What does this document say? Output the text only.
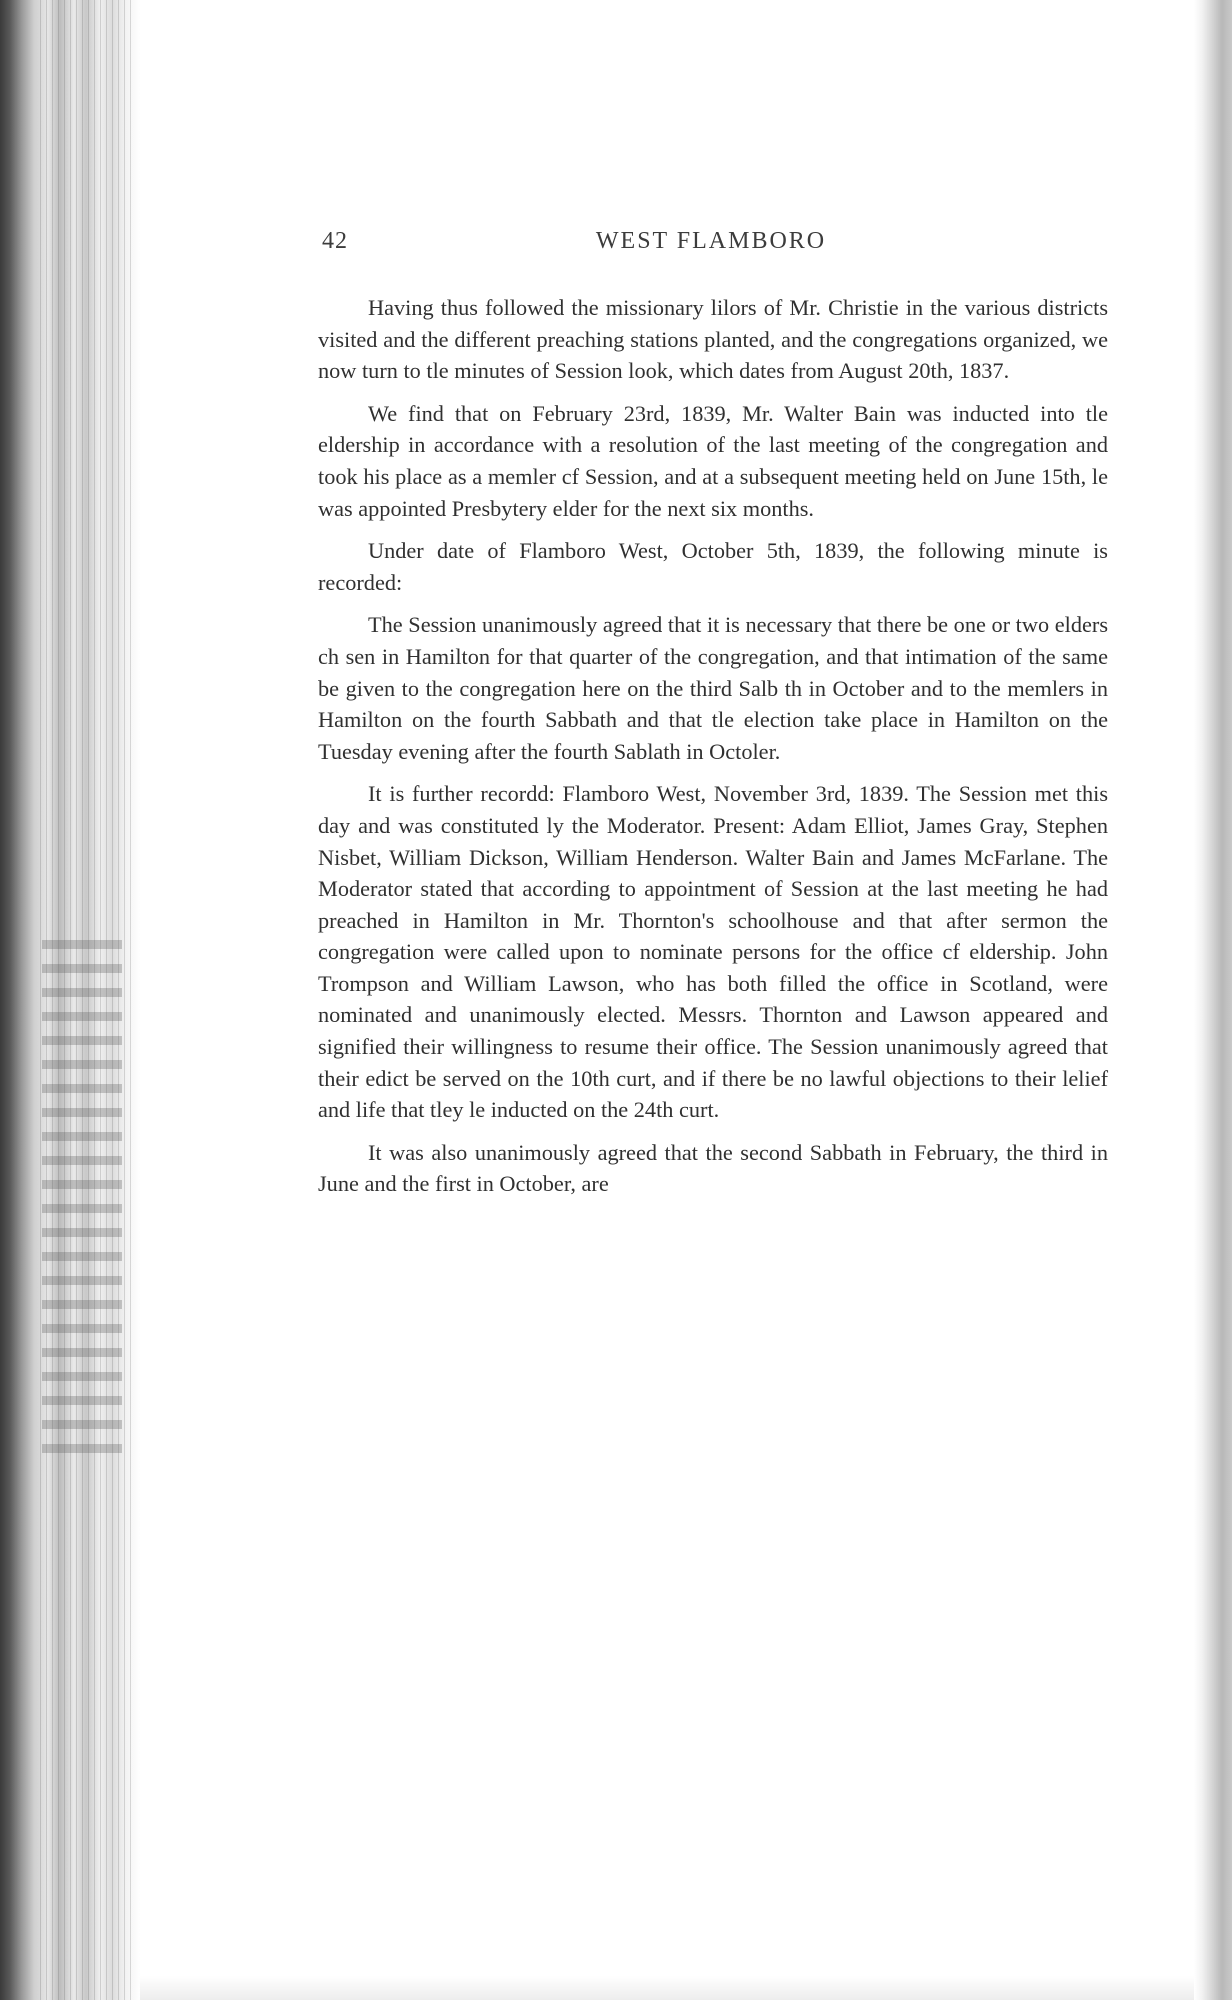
42	WEST FLAMBORO

Having thus followed the missionary lilors of Mr. Christie in the various districts visited and the different preaching stations planted, and the congregations organized, we now turn to tle minutes of Session look, which dates from August 20th, 1837.

We find that on February 23rd, 1839, Mr. Walter Bain was inducted into tle eldership in accordance with a resolution of the last meeting of the congregation and took his place as a memler cf Session, and at a subsequent meeting held on June 15th, le was appointed Presbytery elder for the next six months.

Under date of Flamboro West, October 5th, 1839, the following minute is recorded:

The Session unanimously agreed that it is necessary that there be one or two elders ch sen in Hamilton for that quarter of the congregation, and that intimation of the same be given to the congregation here on the third Salb th in October and to the memlers in Hamilton on the fourth Sabbath and that tle election take place in Hamilton on the Tuesday evening after the fourth Sablath in Octoler.

It is further recordd: Flamboro West, November 3rd, 1839. The Session met this day and was constituted ly the Moderator. Present: Adam Elliot, James Gray, Stephen Nisbet, William Dickson, William Henderson. Walter Bain and James McFarlane. The Moderator stated that according to appointment of Session at the last meeting he had preached in Hamilton in Mr. Thornton's schoolhouse and that after sermon the congregation were called upon to nominate persons for the office cf eldership. John Trompson and William Lawson, who has both filled the office in Scotland, were nominated and unanimously elected. Messrs. Thornton and Lawson appeared and signified their willingness to resume their office. The Session unanimously agreed that their edict be served on the 10th curt, and if there be no lawful objections to their lelief and life that tley le inducted on the 24th curt.

It was also unanimously agreed that the second Sabbath in February, the third in June and the first in October, are
